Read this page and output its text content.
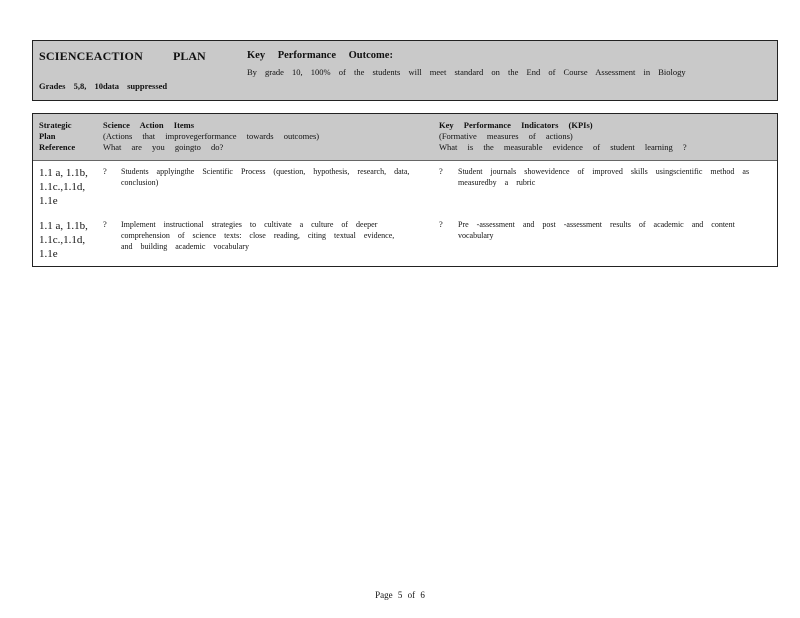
SCIENCEACTION	PLAN	Key Performance Outcome:
By grade 10, 100% of the students will meet standard on the End of Course Assessment in Biology
Grades 5,8, 10data suppressed
Strategic
Plan
Reference
Science Action Items
(Actions that improvegerformance towards outcomes)
What are you goingto do?
Key Performance Indicators (KPIs)
(Formative measures of actions)
What is the measurable evidence of student learning ?
1.1 a, 1.1b, 1.1c.,1.1d, 1.1e
? Students applyingthe Scientific Process (question, hypothesis, research, data, conclusion)
? Student journals showevidence of improved skills usingscientific method as measuredby a rubric
1.1 a, 1.1b, 1.1c.,1.1d, 1.1e
? Implement instructional strategies to cultivate a culture of deeper comprehension of science texts: close reading, citing textual evidence, and building academic vocabulary
? Pre -assessment and post -assessment results of academic and content vocabulary
Page 5 of 6
